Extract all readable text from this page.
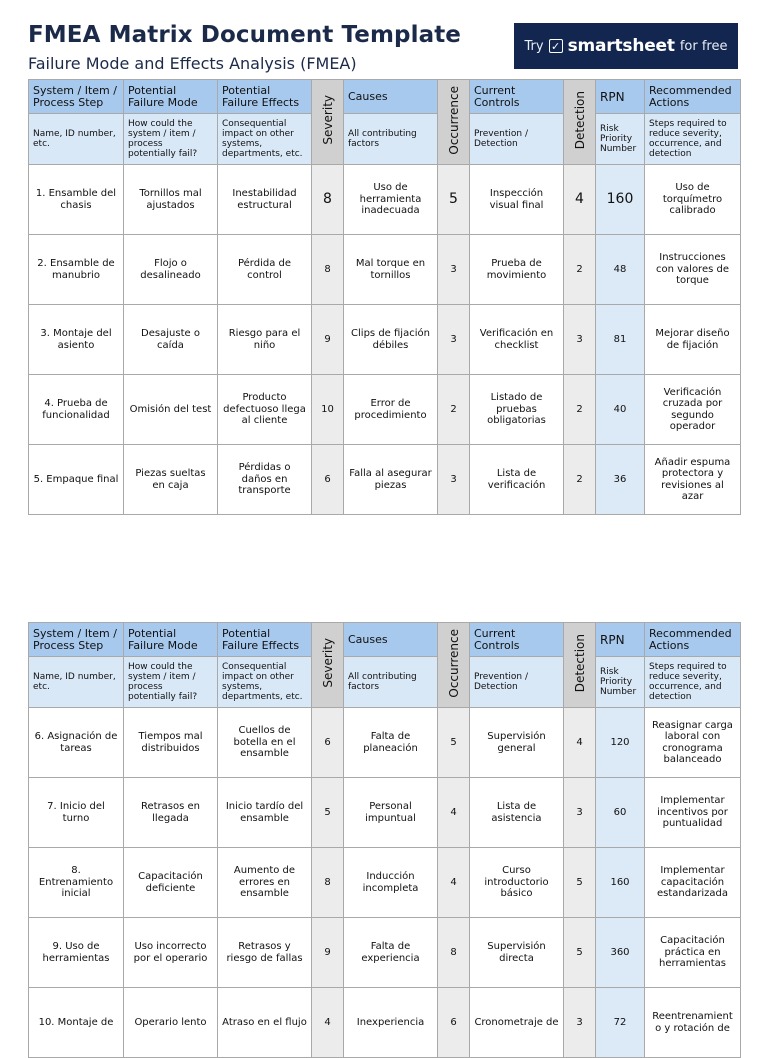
FMEA Matrix Document Template
Failure Mode and Effects Analysis (FMEA)
Try ✓ smartsheet for free
System / Item / Process Step	Potential Failure Mode	Potential Failure Effects	Severity	Causes	Occurrence	Current Controls	Detection	RPN	Recommended Actions
Name, ID number, etc.	How could the system / item / process potentially fail?	Consequential impact on other systems, departments, etc.		All contributing factors		Prevention / Detection		Risk Priority Number	Steps required to reduce severity, occurrence, and detection
1. Ensamble del chasis	Tornillos mal ajustados	Inestabilidad estructural	8	Uso de herramienta inadecuada	5	Inspección visual final	4	160	Uso de torquímetro calibrado
2. Ensamble de manubrio	Flojo o desalineado	Pérdida de control	8	Mal torque en tornillos	3	Prueba de movimiento	2	48	Instrucciones con valores de torque
3. Montaje del asiento	Desajuste o caída	Riesgo para el niño	9	Clips de fijación débiles	3	Verificación en checklist	3	81	Mejorar diseño de fijación
4. Prueba de funcionalidad	Omisión del test	Producto defectuoso llega al cliente	10	Error de procedimiento	2	Listado de pruebas obligatorias	2	40	Verificación cruzada por segundo operador
5. Empaque final	Piezas sueltas en caja	Pérdidas o daños en transporte	6	Falla al asegurar piezas	3	Lista de verificación	2	36	Añadir espuma protectora y revisiones al azar
System / Item / Process Step	Potential Failure Mode	Potential Failure Effects	Severity	Causes	Occurrence	Current Controls	Detection	RPN	Recommended Actions
Name, ID number, etc.	How could the system / item / process potentially fail?	Consequential impact on other systems, departments, etc.		All contributing factors		Prevention / Detection		Risk Priority Number	Steps required to reduce severity, occurrence, and detection
6. Asignación de tareas	Tiempos mal distribuidos	Cuellos de botella en el ensamble	6	Falta de planeación	5	Supervisión general	4	120	Reasignar carga laboral con cronograma balanceado
7. Inicio del turno	Retrasos en llegada	Inicio tardío del ensamble	5	Personal impuntual	4	Lista de asistencia	3	60	Implementar incentivos por puntualidad
8. Entrenamiento inicial	Capacitación deficiente	Aumento de errores en ensamble	8	Inducción incompleta	4	Curso introductorio básico	5	160	Implementar capacitación estandarizada
9. Uso de herramientas	Uso incorrecto por el operario	Retrasos y riesgo de fallas	9	Falta de experiencia	8	Supervisión directa	5	360	Capacitación práctica en herramientas
10. Montaje de	Operario lento	Atraso en el flujo	4	Inexperiencia	6	Cronometraje de	3	72	Reentrenamient o y rotación de
